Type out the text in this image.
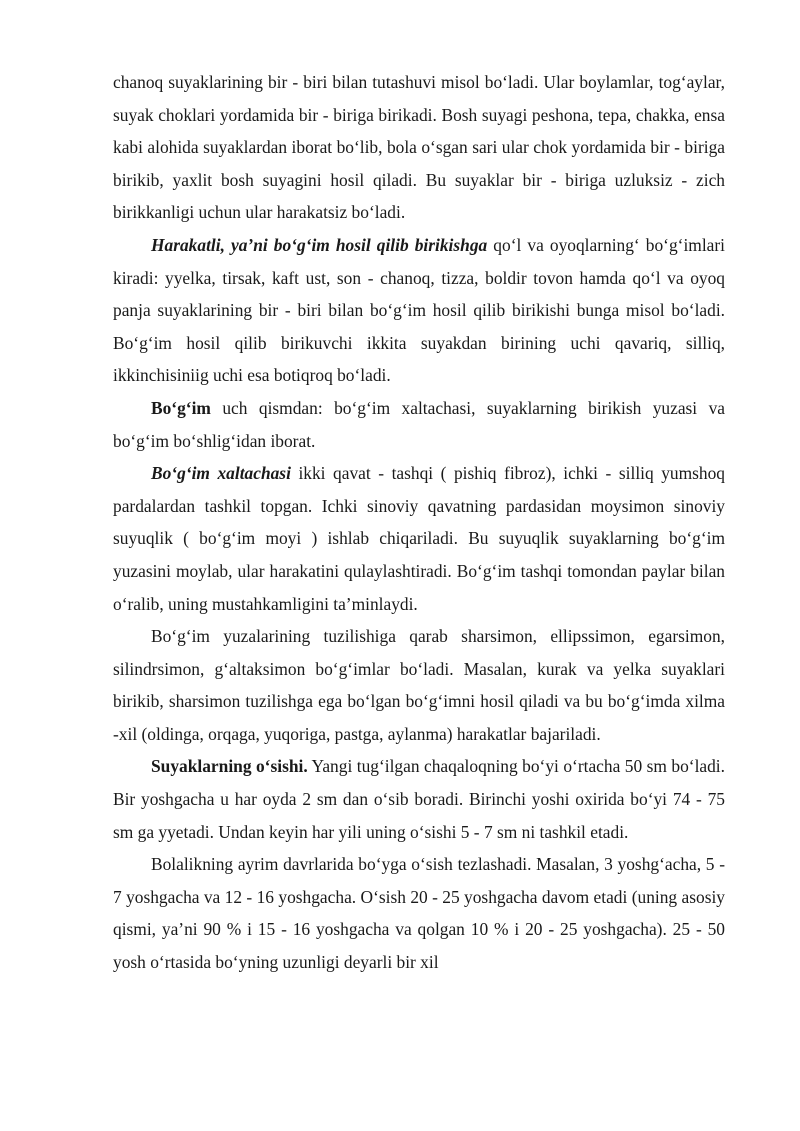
chanoq suyaklarining bir - biri bilan tutashuvi misol bo‘ladi. Ular boylamlar, tog‘aylar, suyak choklari yordamida bir - biriga birikadi. Bosh suyagi peshona, tepa, chakka, ensa kabi alohida suyaklardan iborat bo‘lib, bola o‘sgan sari ular chok yordamida bir - biriga birikib, yaxlit bosh suyagini hosil qiladi. Bu suyaklar bir - biriga uzluksiz - zich birikkanligi uchun ular harakatsiz bo‘ladi.

Harakatli, ya’ni bo‘g‘im hosil qilib birikishga qo‘l va oyoqlarning‘ bo‘g‘imlari kiradi: yyelka, tirsak, kaft ust, son - chanoq, tizza, boldir tovon hamda qo‘l va oyoq panja suyaklarining bir - biri bilan bo‘g‘im hosil qilib birikishi bunga misol bo‘ladi. Bo‘g‘im hosil qilib birikuvchi ikkita suyakdan birining uchi qavariq, silliq, ikkinchisiniig uchi esa botiqroq bo‘ladi.

Bo‘g‘im uch qismdan: bo‘g‘im xaltachasi, suyaklarning birikish yuzasi va bo‘g‘im bo‘shlig‘idan iborat.

Bo‘g‘im xaltachasi ikki qavat - tashqi ( pishiq fibroz), ichki - silliq yumshoq pardalardan tashkil topgan. Ichki sinoviy qavatning pardasidan moysimon sinoviy suyuqlik ( bo‘g‘im moyi ) ishlab chiqariladi. Bu suyuqlik suyaklarning bo‘g‘im yuzasini moylab, ular harakatini qulaylashtiradi. Bo‘g‘im tashqi tomondan paylar bilan o‘ralib, uning mustahkamligini ta’minlaydi.

Bo‘g‘im yuzalarining tuzilishiga qarab sharsimon, ellipssimon, egarsimon, silindrsimon, g‘altaksimon bo‘g‘imlar bo‘ladi. Masalan, kurak va yelka suyaklari birikib, sharsimon tuzilishga ega bo‘lgan bo‘g‘imni hosil qiladi va bu bo‘g‘imda xilma -xil (oldinga, orqaga, yuqoriga, pastga, aylanma) harakatlar bajariladi.

Suyaklarning o‘sishi. Yangi tug‘ilgan chaqaloqning bo‘yi o‘rtacha 50 sm bo‘ladi. Bir yoshgacha u har oyda 2 sm dan o‘sib boradi. Birinchi yoshi oxirida bo‘yi 74 - 75 sm ga yyetadi. Undan keyin har yili uning o‘sishi 5 - 7 sm ni tashkil etadi.

Bolalikning ayrim davrlarida bo‘yga o‘sish tezlashadi. Masalan, 3 yoshg‘acha, 5 - 7 yoshgacha va 12 - 16 yoshgacha. O‘sish 20 - 25 yoshgacha davom etadi (uning asosiy qismi, ya’ni 90 % i 15 - 16 yoshgacha va qolgan 10 % i 20 - 25 yoshgacha). 25 - 50 yosh o‘rtasida bo‘yning uzunligi deyarli bir xil
